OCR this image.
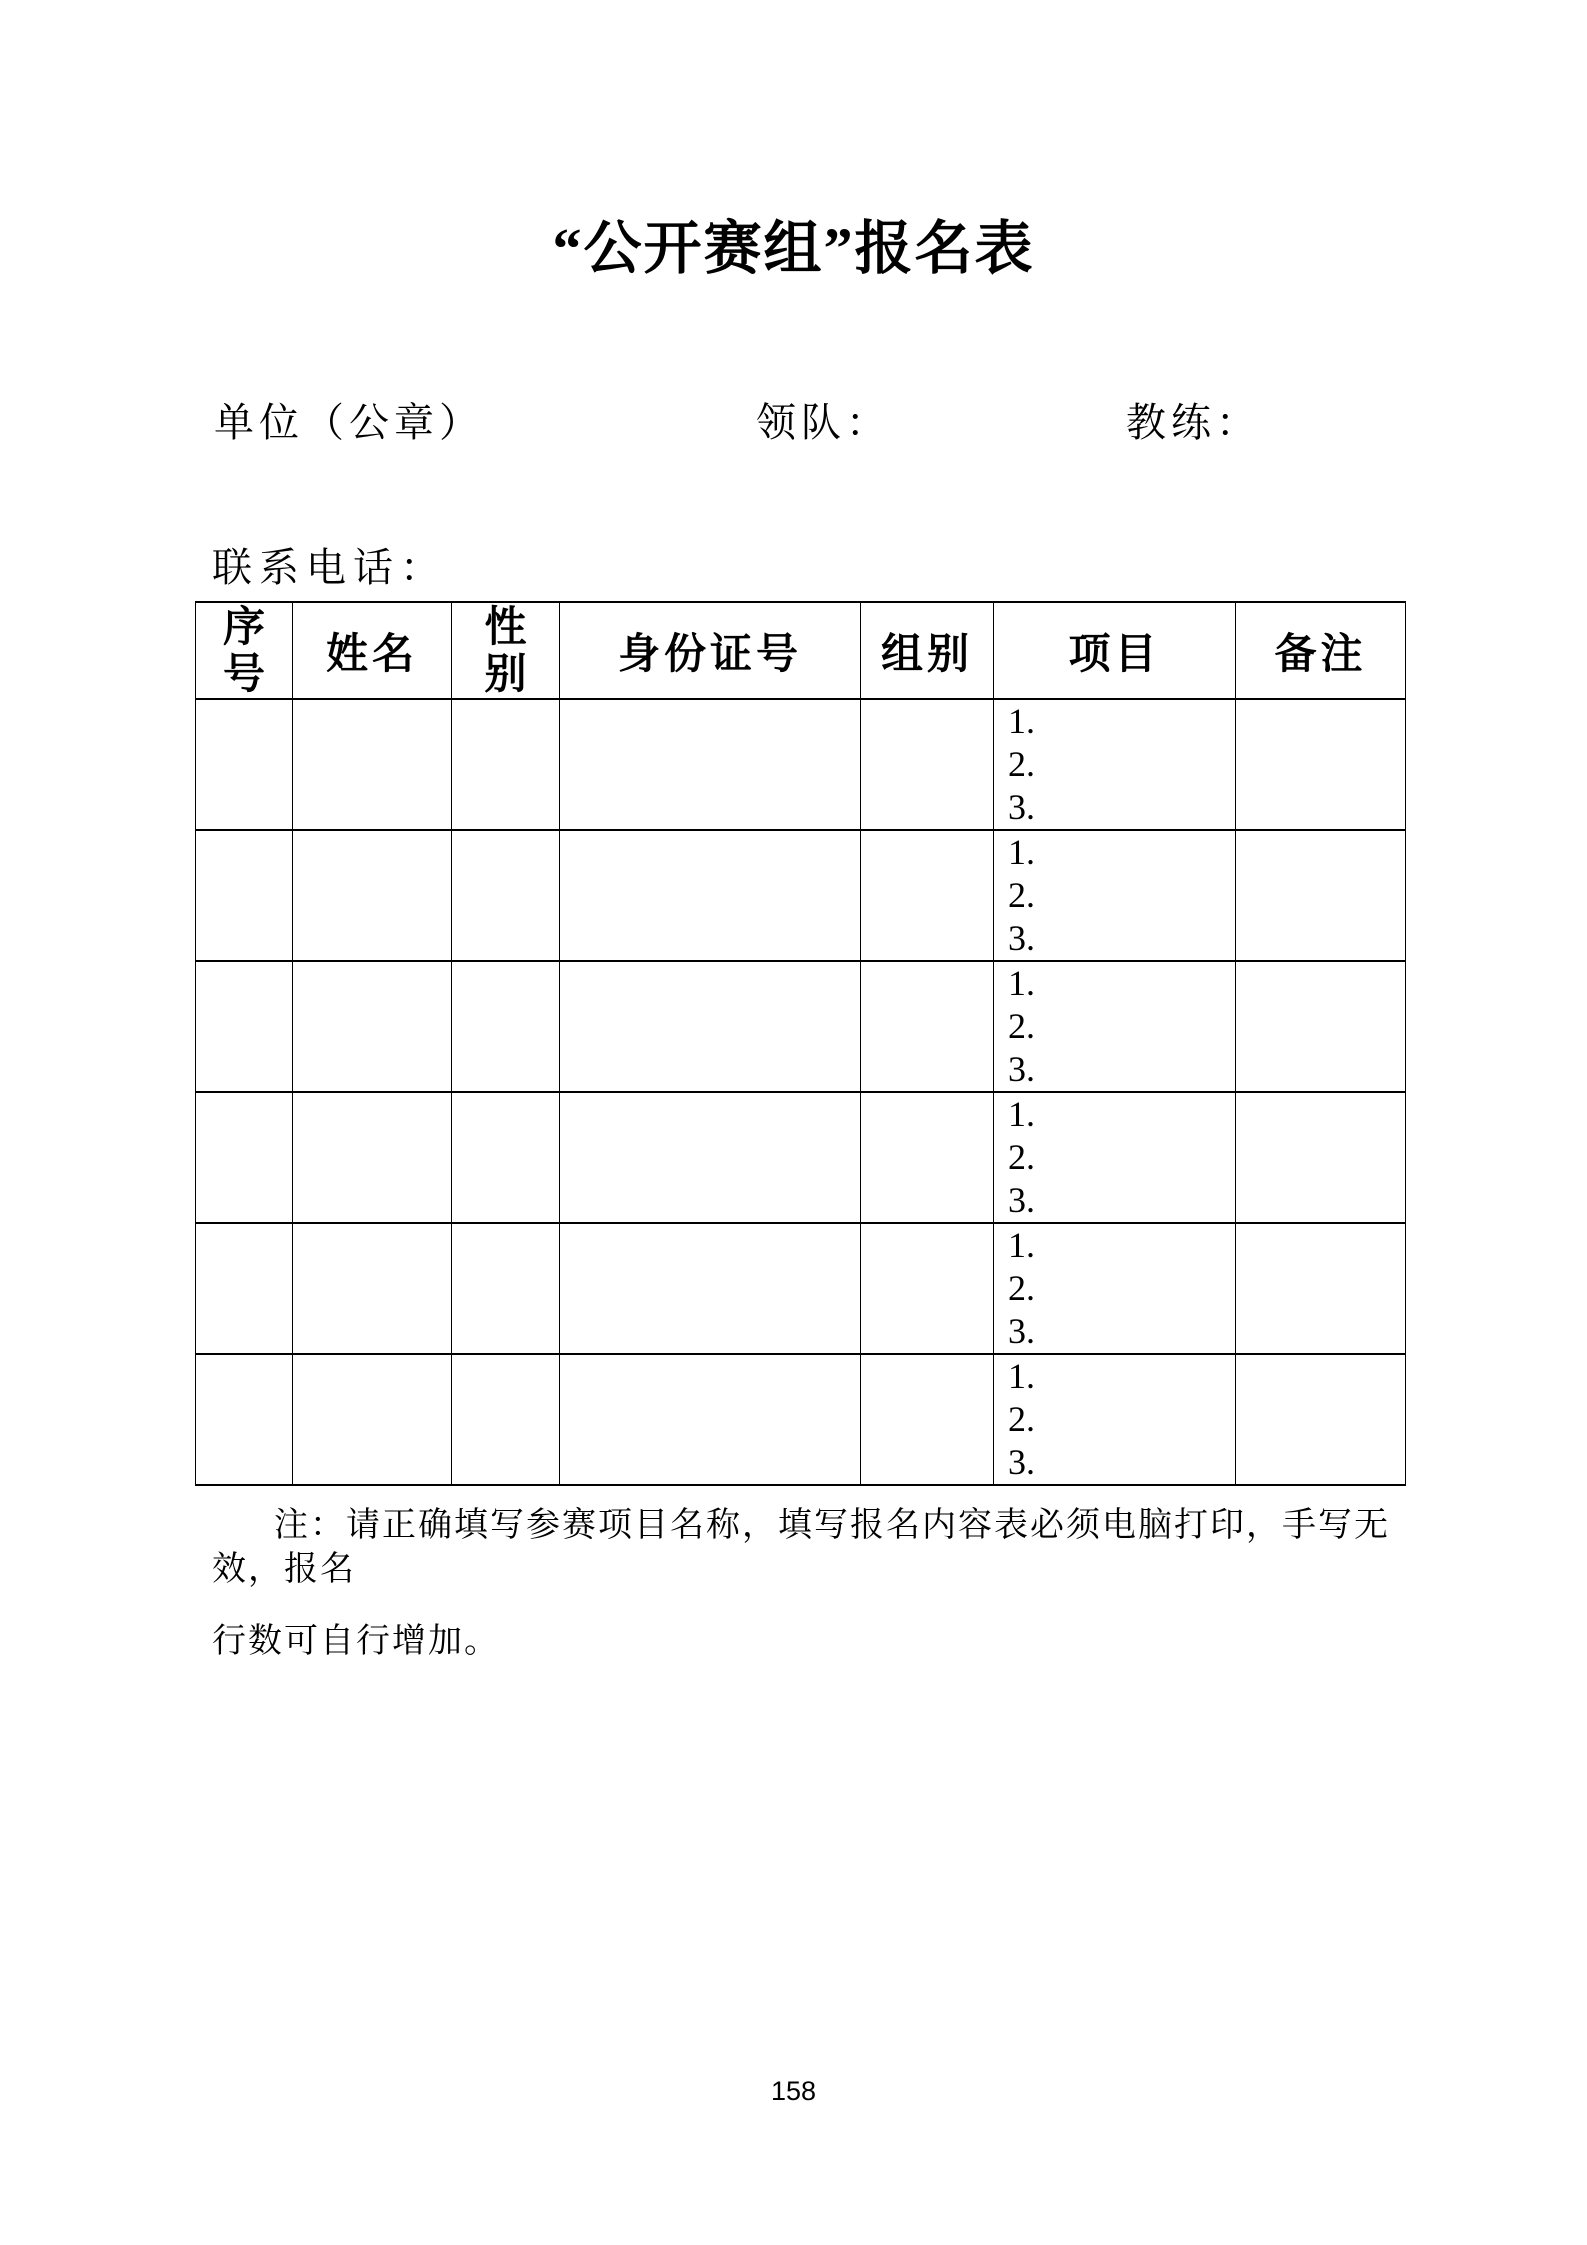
“公开赛组”报名表
单位（公章）	领队：	教练：
联系电话：
序号	姓名	性别	身份证号	组别	项目	备注

					1.
2.
3.	

					1.
2.
3.	

					1.
2.
3.	

					1.
2.
3.	

					1.
2.
3.	

					1.
2.
3.	

注：请正确填写参赛项目名称，填写报名内容表必须电脑打印，手写无效，报名
行数可自行增加。
158
